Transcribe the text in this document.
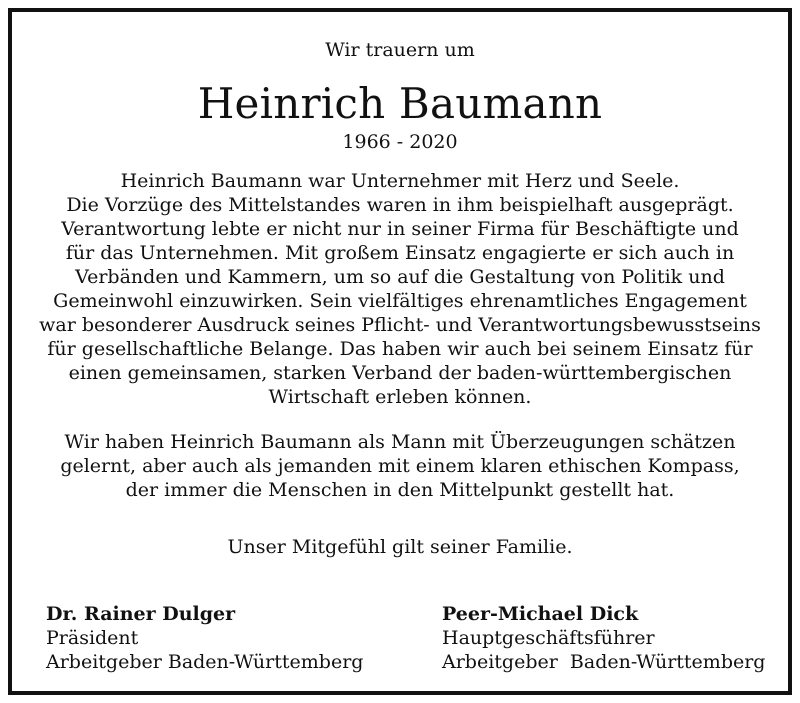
Wir trauern um
Heinrich Baumann
1966 - 2020
Heinrich Baumann war Unternehmer mit Herz und Seele.
Die Vorzüge des Mittelstandes waren in ihm beispielhaft ausgeprägt.
Verantwortung lebte er nicht nur in seiner Firma für Beschäftigte und
für das Unternehmen. Mit großem Einsatz engagierte er sich auch in
Verbänden und Kammern, um so auf die Gestaltung von Politik und
Gemeinwohl einzuwirken. Sein vielfältiges ehrenamtliches Engagement
war besonderer Ausdruck seines Pflicht- und Verantwortungsbewusstseins
für gesellschaftliche Belange. Das haben wir auch bei seinem Einsatz für
einen gemeinsamen, starken Verband der baden-württembergischen
Wirtschaft erleben können.
Wir haben Heinrich Baumann als Mann mit Überzeugungen schätzen
gelernt, aber auch als jemanden mit einem klaren ethischen Kompass,
der immer die Menschen in den Mittelpunkt gestellt hat.
Unser Mitgefühl gilt seiner Familie.
Dr. Rainer Dulger
Präsident
Arbeitgeber Baden-Württemberg
Peer-Michael Dick
Hauptgeschäftsführer
Arbeitgeber  Baden-Württemberg
